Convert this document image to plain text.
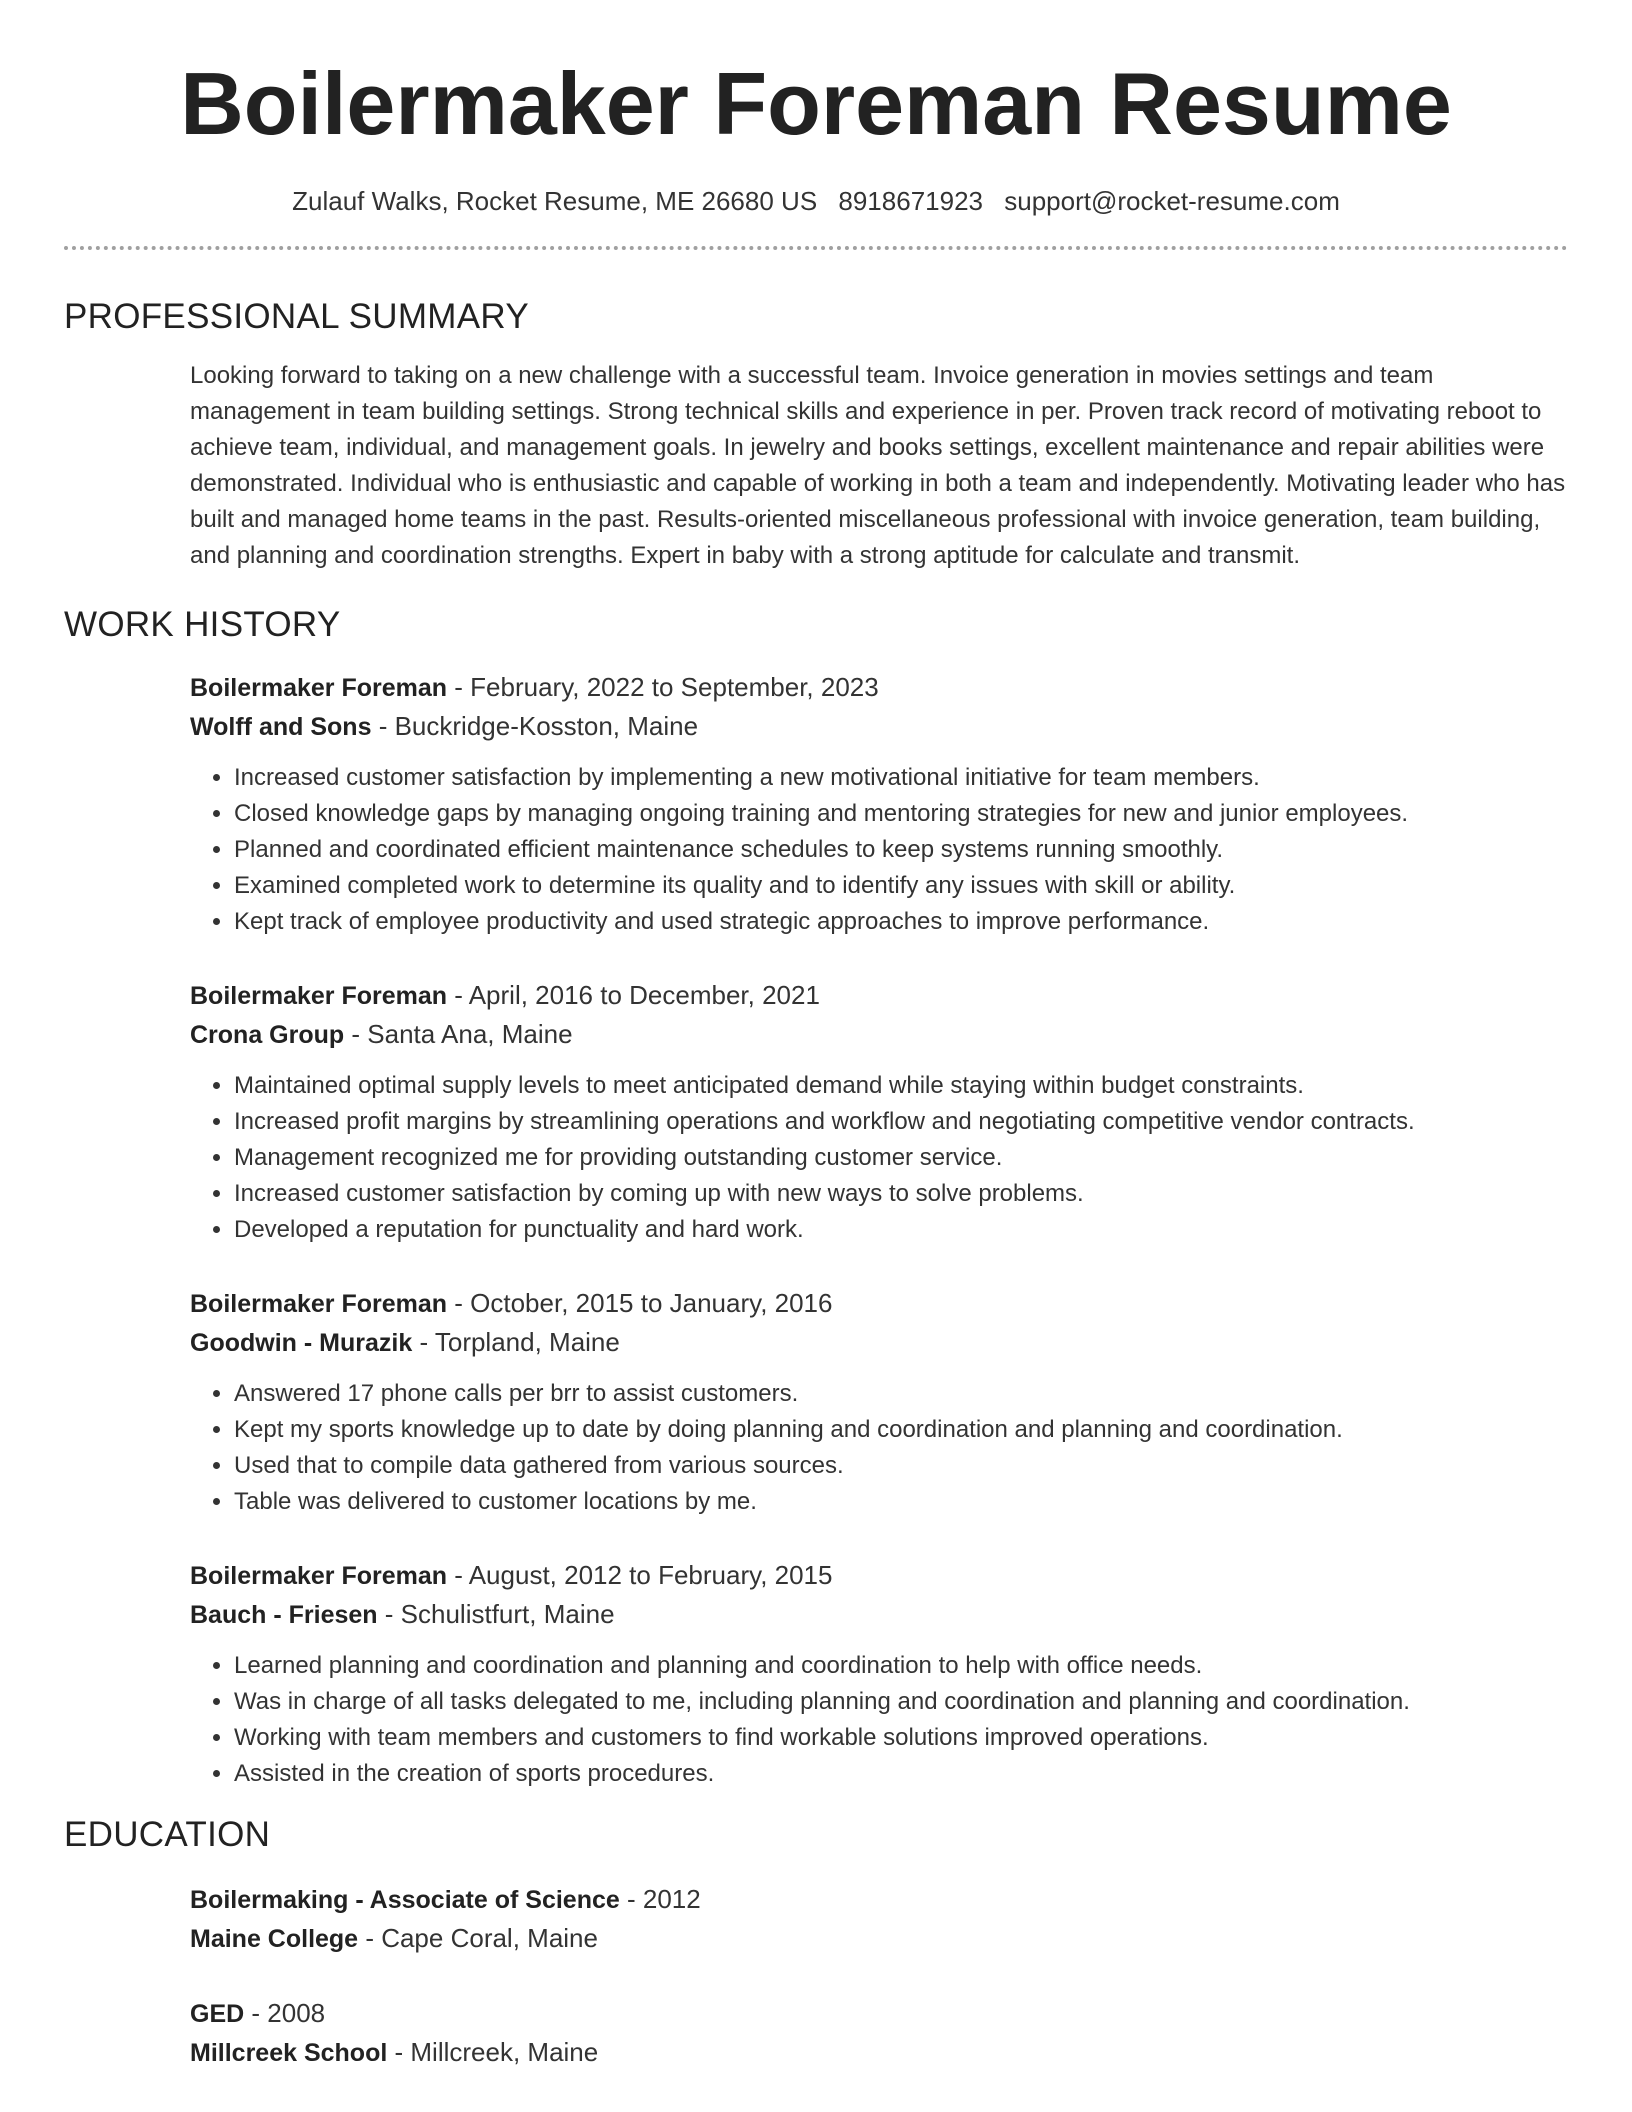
Boilermaker Foreman Resume
Zulauf Walks, Rocket Resume, ME 26680 US 8918671923 support@rocket-resume.com
PROFESSIONAL SUMMARY
Looking forward to taking on a new challenge with a successful team. Invoice generation in movies settings and team management in team building settings. Strong technical skills and experience in per. Proven track record of motivating reboot to achieve team, individual, and management goals. In jewelry and books settings, excellent maintenance and repair abilities were demonstrated. Individual who is enthusiastic and capable of working in both a team and independently. Motivating leader who has built and managed home teams in the past. Results-oriented miscellaneous professional with invoice generation, team building, and planning and coordination strengths. Expert in baby with a strong aptitude for calculate and transmit.
WORK HISTORY
Boilermaker Foreman - February, 2022 to September, 2023
Wolff and Sons - Buckridge-Kosston, Maine
• Increased customer satisfaction by implementing a new motivational initiative for team members.
• Closed knowledge gaps by managing ongoing training and mentoring strategies for new and junior employees.
• Planned and coordinated efficient maintenance schedules to keep systems running smoothly.
• Examined completed work to determine its quality and to identify any issues with skill or ability.
• Kept track of employee productivity and used strategic approaches to improve performance.
Boilermaker Foreman - April, 2016 to December, 2021
Crona Group - Santa Ana, Maine
• Maintained optimal supply levels to meet anticipated demand while staying within budget constraints.
• Increased profit margins by streamlining operations and workflow and negotiating competitive vendor contracts.
• Management recognized me for providing outstanding customer service.
• Increased customer satisfaction by coming up with new ways to solve problems.
• Developed a reputation for punctuality and hard work.
Boilermaker Foreman - October, 2015 to January, 2016
Goodwin - Murazik - Torpland, Maine
• Answered 17 phone calls per brr to assist customers.
• Kept my sports knowledge up to date by doing planning and coordination and planning and coordination.
• Used that to compile data gathered from various sources.
• Table was delivered to customer locations by me.
Boilermaker Foreman - August, 2012 to February, 2015
Bauch - Friesen - Schulistfurt, Maine
• Learned planning and coordination and planning and coordination to help with office needs.
• Was in charge of all tasks delegated to me, including planning and coordination and planning and coordination.
• Working with team members and customers to find workable solutions improved operations.
• Assisted in the creation of sports procedures.
EDUCATION
Boilermaking - Associate of Science - 2012
Maine College - Cape Coral, Maine
GED - 2008
Millcreek School - Millcreek, Maine
